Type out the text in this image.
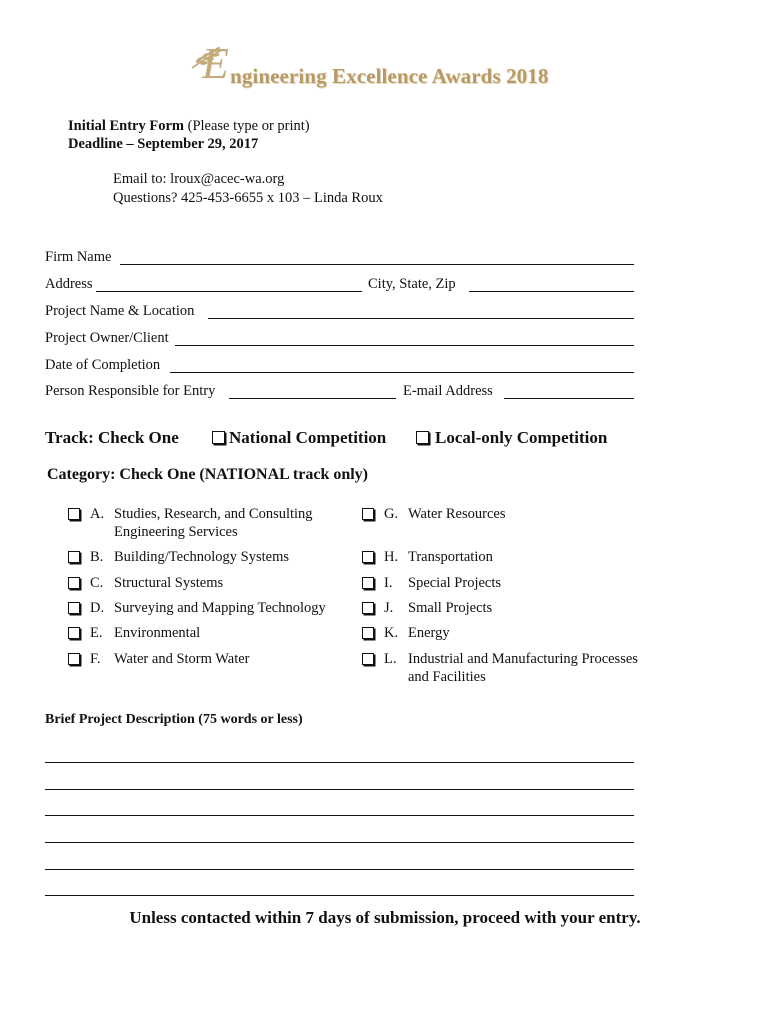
E ngineering Excellence Awards 2018
Initial Entry Form (Please type or print)
Deadline – September 29, 2017
Email to: lroux@acec-wa.org
Questions? 425-453-6655 x 103 – Linda Roux
Firm Name
Address	City, State, Zip
Project Name & Location
Project Owner/Client
Date of Completion
Person Responsible for Entry	E-mail Address
Track: Check One	National Competition	Local-only Competition
Category: Check One (NATIONAL track only)
A. Studies, Research, and Consulting Engineering Services
B. Building/Technology Systems
C. Structural Systems
D. Surveying and Mapping Technology
E. Environmental
F. Water and Storm Water
G. Water Resources
H. Transportation
I. Special Projects
J. Small Projects
K. Energy
L. Industrial and Manufacturing Processes and Facilities
Brief Project Description (75 words or less)
Unless contacted within 7 days of submission, proceed with your entry.
